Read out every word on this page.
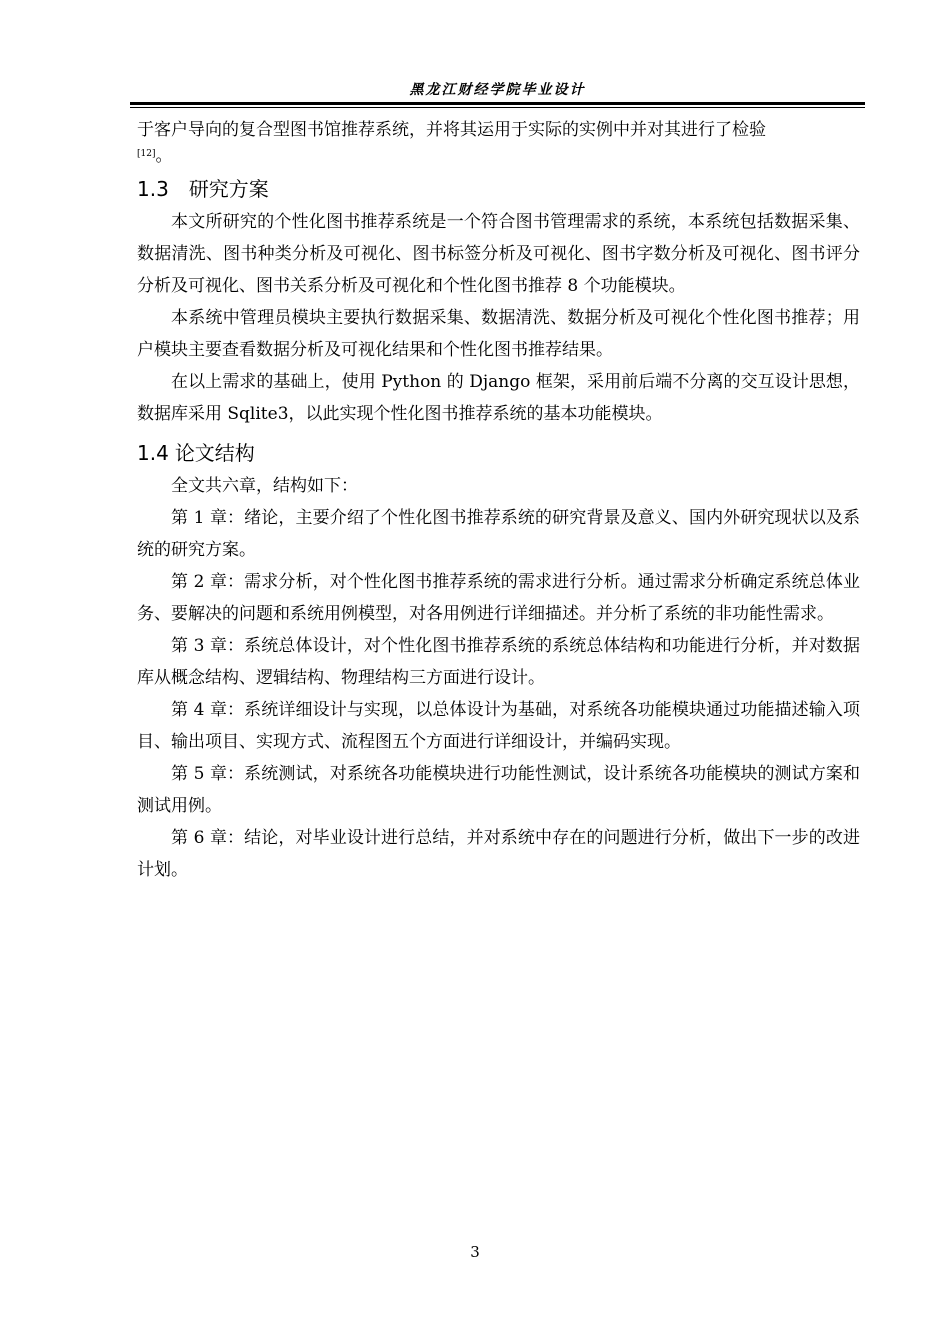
黑龙江财经学院毕业设计

于客户导向的复合型图书馆推荐系统，并将其运用于实际的实例中并对其进行了检验

[12]。

1.3 研究方案

本文所研究的个性化图书推荐系统是一个符合图书管理需求的系统，本系统包括数据采集、数据清洗、图书种类分析及可视化、图书标签分析及可视化、图书字数分析及可视化、图书评分分析及可视化、图书关系分析及可视化和个性化图书推荐 8 个功能模块。

本系统中管理员模块主要执行数据采集、数据清洗、数据分析及可视化个性化图书推荐；用户模块主要查看数据分析及可视化结果和个性化图书推荐结果。

在以上需求的基础上，使用 Python 的 Django 框架，采用前后端不分离的交互设计思想，数据库采用 Sqlite3，以此实现个性化图书推荐系统的基本功能模块。

1.4 论文结构

全文共六章，结构如下：

第 1 章：绪论，主要介绍了个性化图书推荐系统的研究背景及意义、国内外研究现状以及系统的研究方案。

第 2 章：需求分析，对个性化图书推荐系统的需求进行分析。通过需求分析确定系统总体业务、要解决的问题和系统用例模型，对各用例进行详细描述。并分析了系统的非功能性需求。

第 3 章：系统总体设计，对个性化图书推荐系统的系统总体结构和功能进行分析，并对数据库从概念结构、逻辑结构、物理结构三方面进行设计。

第 4 章：系统详细设计与实现，以总体设计为基础，对系统各功能模块通过功能描述输入项目、输出项目、实现方式、流程图五个方面进行详细设计，并编码实现。

第 5 章：系统测试，对系统各功能模块进行功能性测试，设计系统各功能模块的测试方案和测试用例。

第 6 章：结论，对毕业设计进行总结，并对系统中存在的问题进行分析，做出下一步的改进计划。

3
